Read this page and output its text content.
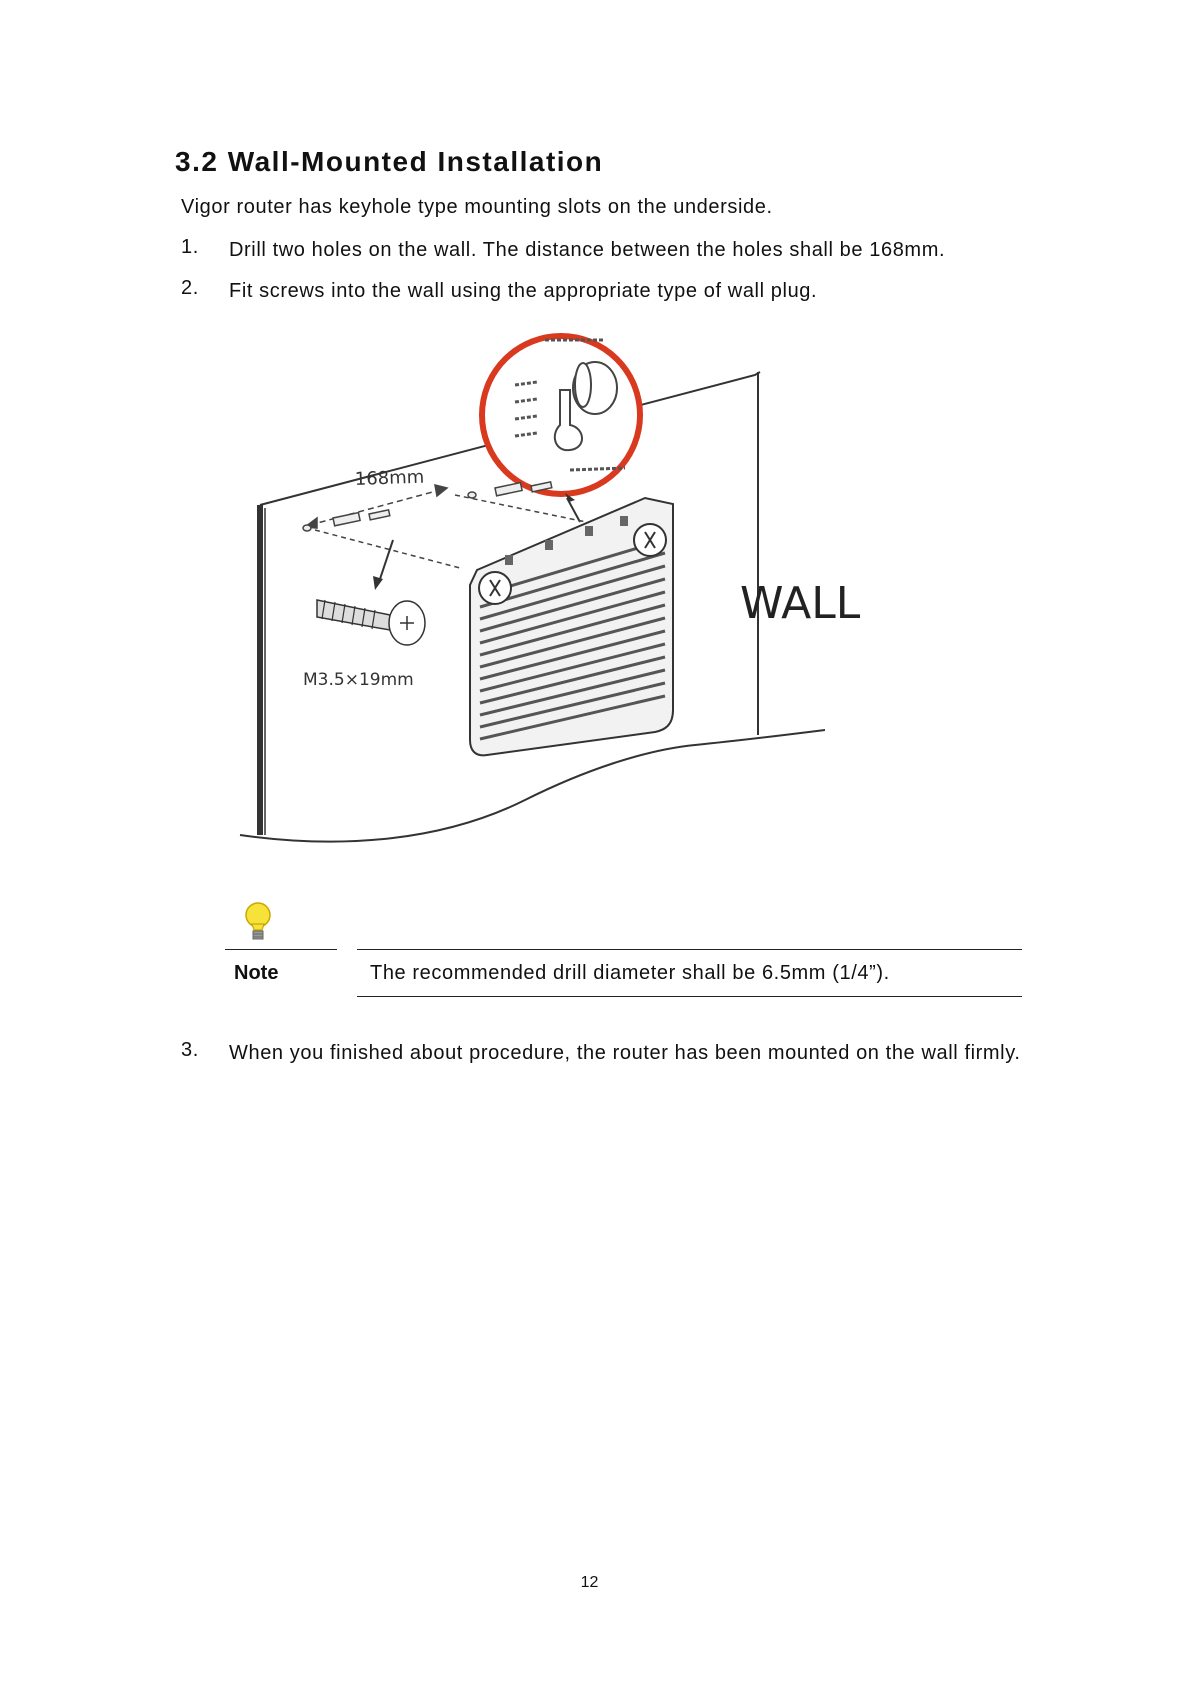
3.2 Wall-Mounted Installation

Vigor router has keyhole type mounting slots on the underside.

1. Drill two holes on the wall. The distance between the holes shall be 168mm.
2. Fit screws into the wall using the appropriate type of wall plug.
168mm
M3.5×19mm
WALL
Note	The recommended drill diameter shall be 6.5mm (1/4”).
3. When you finished about procedure, the router has been mounted on the wall firmly.
12
